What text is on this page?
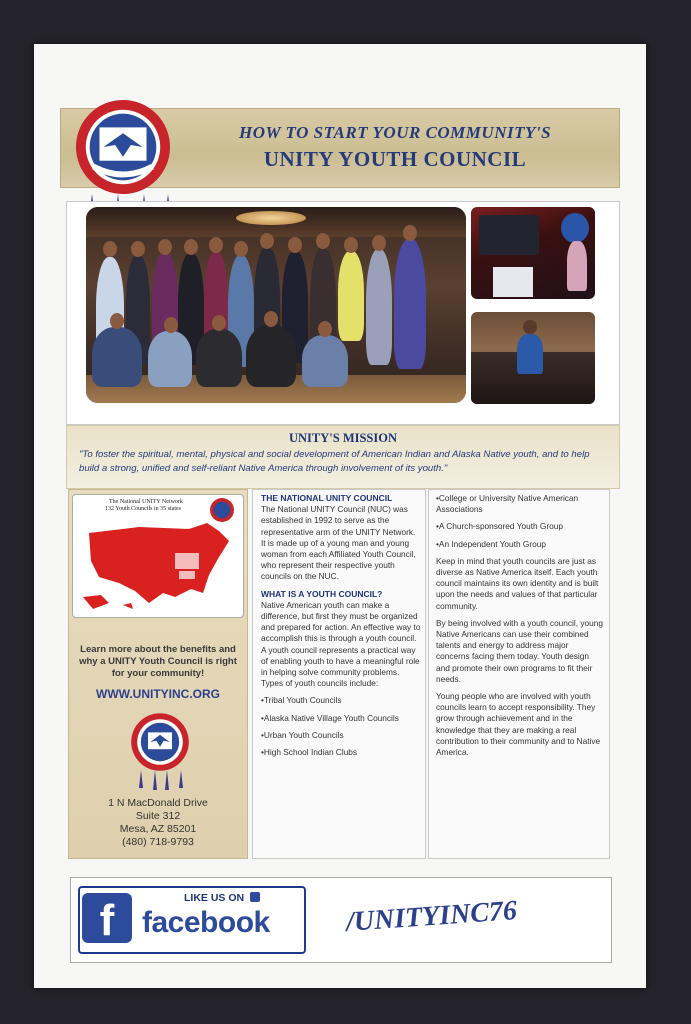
HOW TO START YOUR COMMUNITY'S
UNITY YOUTH COUNCIL
UNITY'S MISSION
"To foster the spiritual, mental, physical and social development of American Indian and Alaska Native youth, and to help build a strong, unified and self-reliant Native America through involvement of its youth."
The National UNITY Network
132 Youth Councils in 35 states
Learn more about the benefits and why a UNITY Youth Council is right for your community!
WWW.UNITYINC.ORG
1 N MacDonald Drive
Suite 312
Mesa, AZ 85201
(480) 718-9793
THE NATIONAL UNITY COUNCIL

The National UNITY Council (NUC) was established in 1992 to serve as the representative arm of the UNITY Network. It is made up of a young man and young woman from each Affiliated Youth Council, who represent their respective youth councils on the NUC.

WHAT IS A YOUTH COUNCIL?

Native American youth can make a difference, but first they must be organized and prepared for action. An effective way to accomplish this is through a youth council. A youth council represents a practical way of enabling youth to have a meaningful role in helping solve community problems. Types of youth councils include:

•Tribal Youth Councils

•Alaska Native Village Youth Councils

•Urban Youth Councils

•High School Indian Clubs

•College or University Native American Associations

•A Church-sponsored Youth Group

•An Independent Youth Group

Keep in mind that youth councils are just as diverse as Native America itself. Each youth council maintains its own identity and is built upon the needs and values of that particular community.

By being involved with a youth council, young Native Americans can use their combined talents and energy to address major concerns facing them today. Youth design and promote their own programs to fit their needs.

Young people who are involved with youth councils learn to accept responsibility. They grow through achievement and in the knowledge that they are making a real contribution to their community and to Native America.

f	LIKE US ON
facebook	/UNITYINC76
